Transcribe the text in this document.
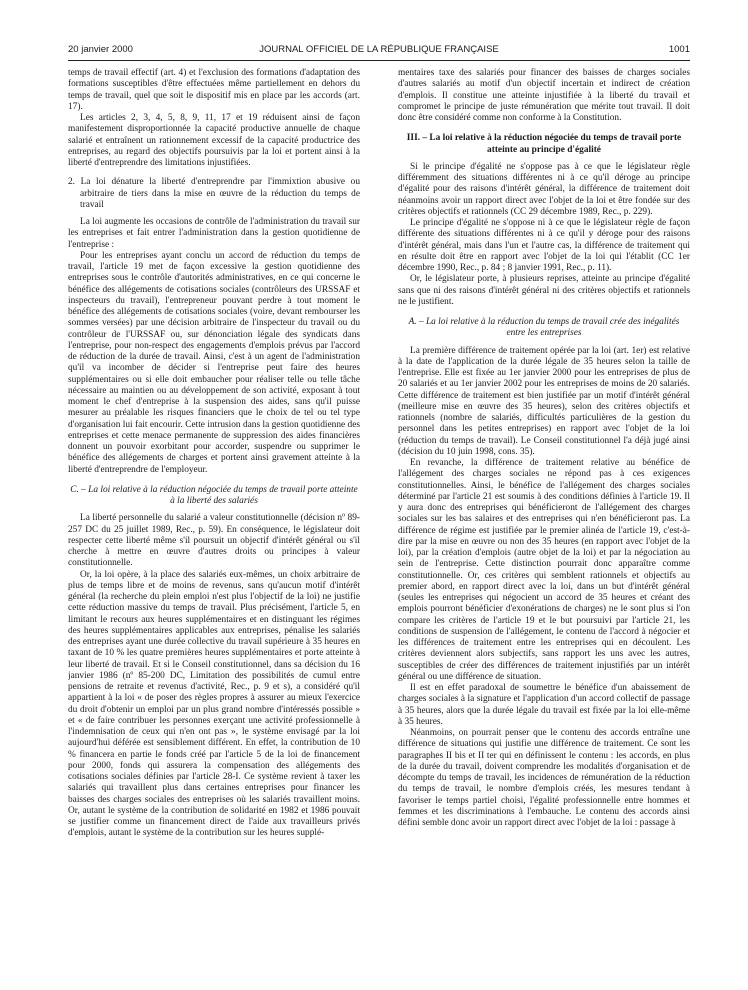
20 janvier 2000	JOURNAL OFFICIEL DE LA RÉPUBLIQUE FRANÇAISE	1001

temps de travail effectif (art. 4) et l'exclusion des formations d'adaptation des formations susceptibles d'être effectuées même partiellement en dehors du temps de travail, quel que soit le dispositif mis en place par les accords (art. 17).

Les articles 2, 3, 4, 5, 8, 9, 11, 17 et 19 réduisent ainsi de façon manifestement disproportionnée la capacité productive annuelle de chaque salarié et entraînent un rationnement excessif de la capacité productrice des entreprises, au regard des objectifs poursuivis par la loi et portent ainsi à la liberté d'entreprendre des limitations injustifiées.

2. La loi dénature la liberté d'entreprendre par l'immixtion abusive ou arbitraire de tiers dans la mise en œuvre de la réduction du temps de travail

La loi augmente les occasions de contrôle de l'administration du travail sur les entreprises et fait entrer l'administration dans la gestion quotidienne de l'entreprise :

Pour les entreprises ayant conclu un accord de réduction du temps de travail, l'article 19 met de façon excessive la gestion quotidienne des entreprises sous le contrôle d'autorités administratives, en ce qui concerne le bénéfice des allégements de cotisations sociales (contrôleurs des URSSAF et inspecteurs du travail), l'entrepreneur pouvant perdre à tout moment le bénéfice des allégements de cotisations sociales (voire, devant rembourser les sommes versées) par une décision arbitraire de l'inspecteur du travail ou du contrôleur de l'URSSAF ou, sur dénonciation légale des syndicats dans l'entreprise, pour non-respect des engagements d'emplois prévus par l'accord de réduction de la durée de travail. Ainsi, c'est à un agent de l'administration qu'il va incomber de décider si l'entreprise peut faire des heures supplémentaires ou si elle doit embaucher pour réaliser telle ou telle tâche nécessaire au maintien ou au développement de son activité, exposant à tout moment le chef d'entreprise à la suspension des aides, sans qu'il puisse mesurer au préalable les risques financiers que le choix de tel ou tel type d'organisation lui fait encourir. Cette intrusion dans la gestion quotidienne des entreprises et cette menace permanente de suppression des aides financières donnent un pouvoir exorbitant pour accorder, suspendre ou supprimer le bénéfice des allégements de charges et portent ainsi gravement atteinte à la liberté d'entreprendre de l'employeur.

C. – La loi relative à la réduction négociée du temps de travail porte atteinte à la liberté des salariés

La liberté personnelle du salarié a valeur constitutionnelle (décision nº 89-257 DC du 25 juillet 1989, Rec., p. 59). En conséquence, le législateur doit respecter cette liberté même s'il poursuit un objectif d'intérêt général ou s'il cherche à mettre en œuvre d'autres droits ou principes à valeur constitutionnelle.

Or, la loi opère, à la place des salariés eux-mêmes, un choix arbitraire de plus de temps libre et de moins de revenus, sans qu'aucun motif d'intérêt général (la recherche du plein emploi n'est plus l'objectif de la loi) ne justifie cette réduction massive du temps de travail. Plus précisément, l'article 5, en limitant le recours aux heures supplémentaires et en distinguant les régimes des heures supplémentaires applicables aux entreprises, pénalise les salariés des entreprises ayant une durée collective du travail supérieure à 35 heures en taxant de 10 % les quatre premières heures supplémentaires et porte atteinte à leur liberté de travail. Et si le Conseil constitutionnel, dans sa décision du 16 janvier 1986 (nº 85-200 DC, Limitation des possibilités de cumul entre pensions de retraite et revenus d'activité, Rec., p. 9 et s), a considéré qu'il appartient à la loi « de poser des règles propres à assurer au mieux l'exercice du droit d'obtenir un emploi par un plus grand nombre d'intéressés possible » et « de faire contribuer les personnes exerçant une activité professionnelle à l'indemnisation de ceux qui n'en ont pas », le système envisagé par la loi aujourd'hui déférée est sensiblement différent. En effet, la contribution de 10 % financera en partie le fonds créé par l'article 5 de la loi de financement pour 2000, fonds qui assurera la compensation des allégements des cotisations sociales définies par l'article 28-I. Ce système revient à taxer les salariés qui travaillent plus dans certaines entreprises pour financer les baisses des charges sociales des entreprises où les salariés travaillent moins. Or, autant le système de la contribution de solidarité en 1982 et 1986 pouvait se justifier comme un financement direct de l'aide aux travailleurs privés d'emplois, autant le système de la contribution sur les heures supplé-

mentaires taxe des salariés pour financer des baisses de charges sociales d'autres salariés au motif d'un objectif incertain et indirect de création d'emplois. Il constitue une atteinte injustifiée à la liberté du travail et compromet le principe de juste rémunération que mérite tout travail. Il doit donc être considéré comme non conforme à la Constitution.

III. – La loi relative à la réduction négociée du temps de travail porte atteinte au principe d'égalité

Si le principe d'égalité ne s'oppose pas à ce que le législateur règle différemment des situations différentes ni à ce qu'il déroge au principe d'égalité pour des raisons d'intérêt général, la différence de traitement doit néanmoins avoir un rapport direct avec l'objet de la loi et être fondée sur des critères objectifs et rationnels (CC 29 décembre 1989, Rec., p. 229).

Le principe d'égalité ne s'oppose ni à ce que le législateur règle de façon différente des situations différentes ni à ce qu'il y déroge pour des raisons d'intérêt général, mais dans l'un et l'autre cas, la différence de traitement qui en résulte doit être en rapport avec l'objet de la loi qui l'établit (CC 1er décembre 1990, Rec., p. 84 ; 8 janvier 1991, Rec., p. 11).

Or, le législateur porte, à plusieurs reprises, atteinte au principe d'égalité sans que ni des raisons d'intérêt général ni des critères objectifs et rationnels ne le justifient.

A. – La loi relative à la réduction du temps de travail crée des inégalités entre les entreprises

La première différence de traitement opérée par la loi (art. 1er) est relative à la date de l'application de la durée légale de 35 heures selon la taille de l'entreprise. Elle est fixée au 1er janvier 2000 pour les entreprises de plus de 20 salariés et au 1er janvier 2002 pour les entreprises de moins de 20 salariés. Cette différence de traitement est bien justifiée par un motif d'intérêt général (meilleure mise en œuvre des 35 heures), selon des critères objectifs et rationnels (nombre de salariés, difficultés particulières de la gestion du personnel dans les petites entreprises) en rapport avec l'objet de la loi (réduction du temps de travail). Le Conseil constitutionnel l'a déjà jugé ainsi (décision du 10 juin 1998, cons. 35).

En revanche, la différence de traitement relative au bénéfice de l'allégement des charges sociales ne répond pas à ces exigences constitutionnelles. Ainsi, le bénéfice de l'allégement des charges sociales déterminé par l'article 21 est soumis à des conditions définies à l'article 19. Il y aura donc des entreprises qui bénéficieront de l'allégement des charges sociales sur les bas salaires et des entreprises qui n'en bénéficieront pas. La différence de régime est justifiée par le premier alinéa de l'article 19, c'est-à-dire par la mise en œuvre ou non des 35 heures (en rapport avec l'objet de la loi), par la création d'emplois (autre objet de la loi) et par la négociation au sein de l'entreprise. Cette distinction pourrait donc apparaître comme constitutionnelle. Or, ces critères qui semblent rationnels et objectifs au premier abord, en rapport direct avec la loi, dans un but d'intérêt général (seules les entreprises qui négocient un accord de 35 heures et créant des emplois pourront bénéficier d'exonérations de charges) ne le sont plus si l'on compare les critères de l'article 19 et le but poursuivi par l'article 21, les conditions de suspension de l'allégement, le contenu de l'accord à négocier et les différences de traitement entre les entreprises qui en découlent. Les critères deviennent alors subjectifs, sans rapport les uns avec les autres, susceptibles de créer des différences de traitement injustifiés par un intérêt général ou une différence de situation.

Il est en effet paradoxal de soumettre le bénéfice d'un abaissement de charges sociales à la signature et l'application d'un accord collectif de passage à 35 heures, alors que la durée légale du travail est fixée par la loi elle-même à 35 heures.

Néanmoins, on pourrait penser que le contenu des accords entraîne une différence de situations qui justifie une différence de traitement. Ce sont les paragraphes II bis et II ter qui en définissent le contenu : les accords, en plus de la durée du travail, doivent comprendre les modalités d'organisation et de décompte du temps de travail, les incidences de rémunération de la réduction du temps de travail, le nombre d'emplois créés, les mesures tendant à favoriser le temps partiel choisi, l'égalité professionnelle entre hommes et femmes et les discriminations à l'embauche. Le contenu des accords ainsi défini semble donc avoir un rapport direct avec l'objet de la loi : passage à
